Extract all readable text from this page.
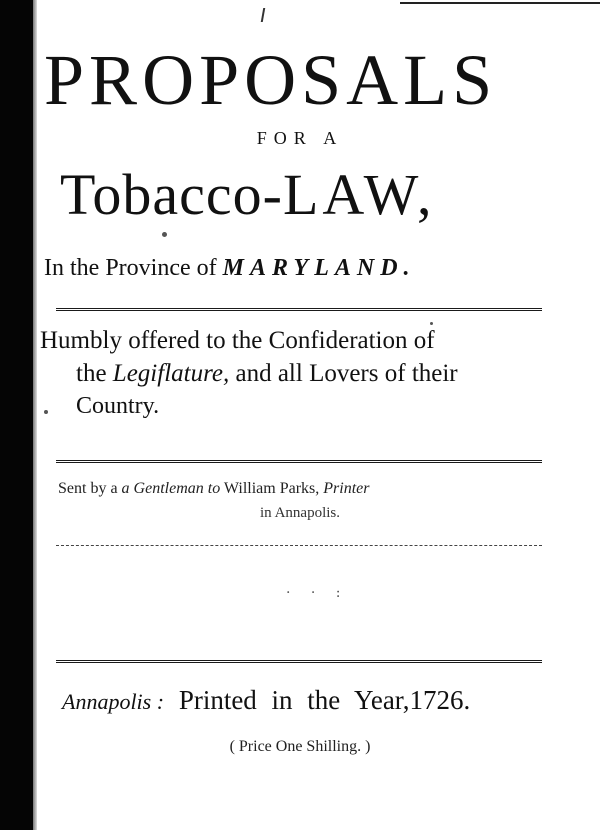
PROPOSALS
FOR A
Tobacco-LAW,
In the Province of MARYLAND.
Humbly offered to the Confideration of
the Legiflature, and all Lovers of their
Country.
Sent by a a Gentleman to William Parks, Printer
in Annapolis.
· · :
Annapolis : Printed in the Year,1726.
( Price One Shilling. )
